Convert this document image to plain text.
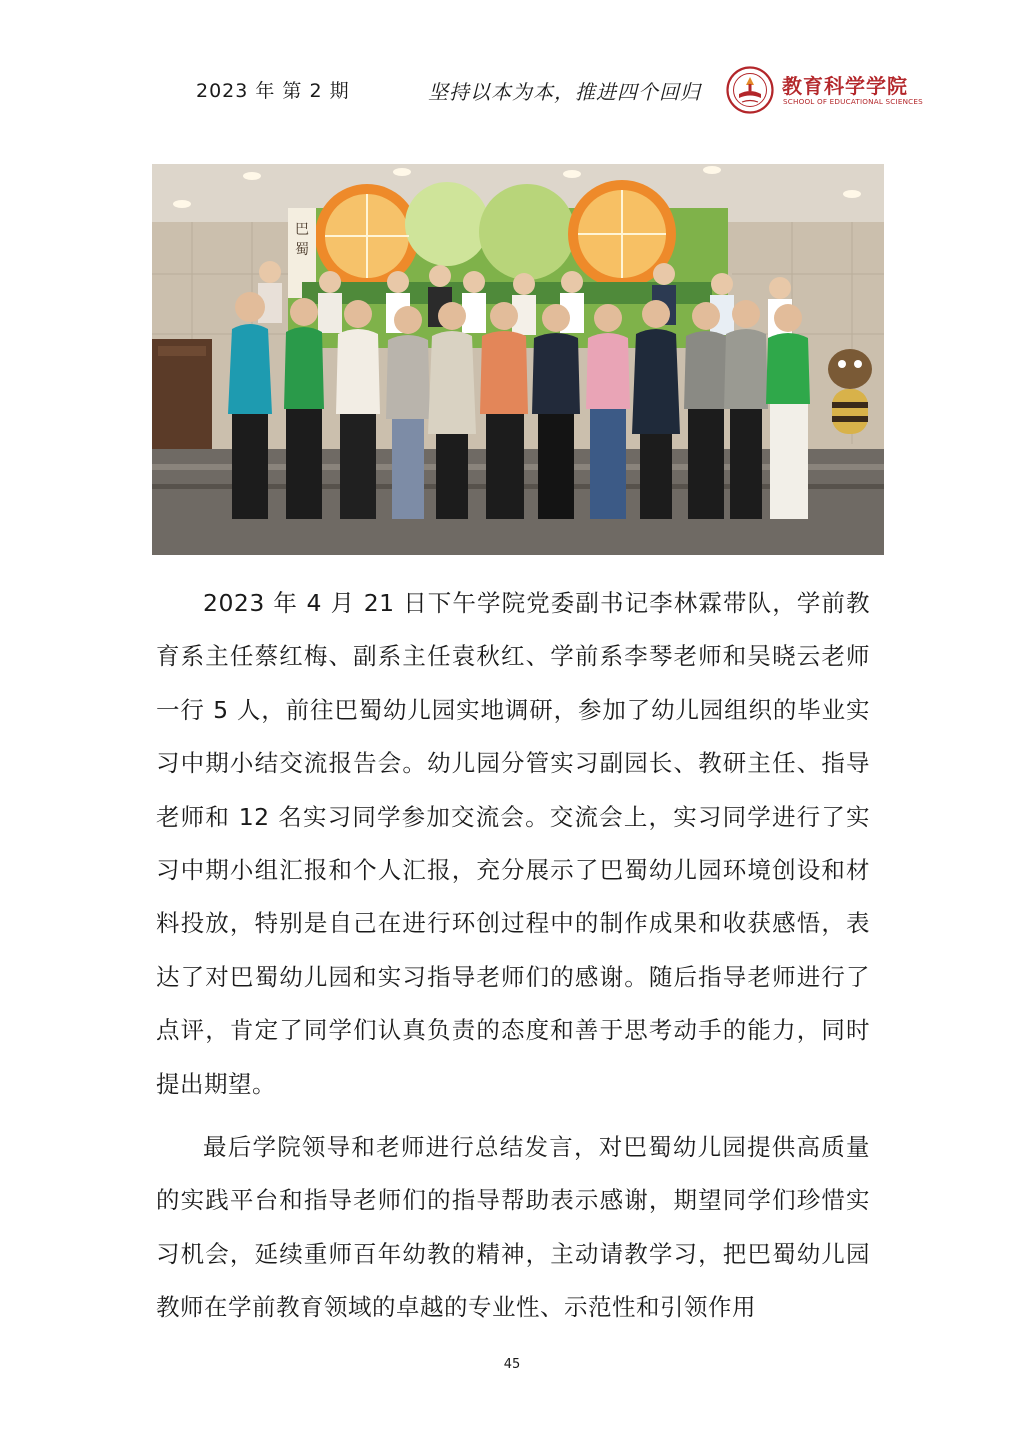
2023 年 第 2 期	坚持以本为本，推进四个回归	教育科学学院
SCHOOL OF EDUCATIONAL SCIENCES
巴
蜀

2023 年 4 月 21 日下午学院党委副书记李林霖带队，学前教育系主任蔡红梅、副系主任袁秋红、学前系李琴老师和吴晓云老师一行 5 人，前往巴蜀幼儿园实地调研，参加了幼儿园组织的毕业实习中期小结交流报告会。幼儿园分管实习副园长、教研主任、指导老师和 12 名实习同学参加交流会。交流会上，实习同学进行了实习中期小组汇报和个人汇报，充分展示了巴蜀幼儿园环境创设和材料投放，特别是自己在进行环创过程中的制作成果和收获感悟，表达了对巴蜀幼儿园和实习指导老师们的感谢。随后指导老师进行了点评，肯定了同学们认真负责的态度和善于思考动手的能力，同时提出期望。

最后学院领导和老师进行总结发言，对巴蜀幼儿园提供高质量的实践平台和指导老师们的指导帮助表示感谢，期望同学们珍惜实习机会，延续重师百年幼教的精神，主动请教学习，把巴蜀幼儿园教师在学前教育领域的卓越的专业性、示范性和引领作用

45
